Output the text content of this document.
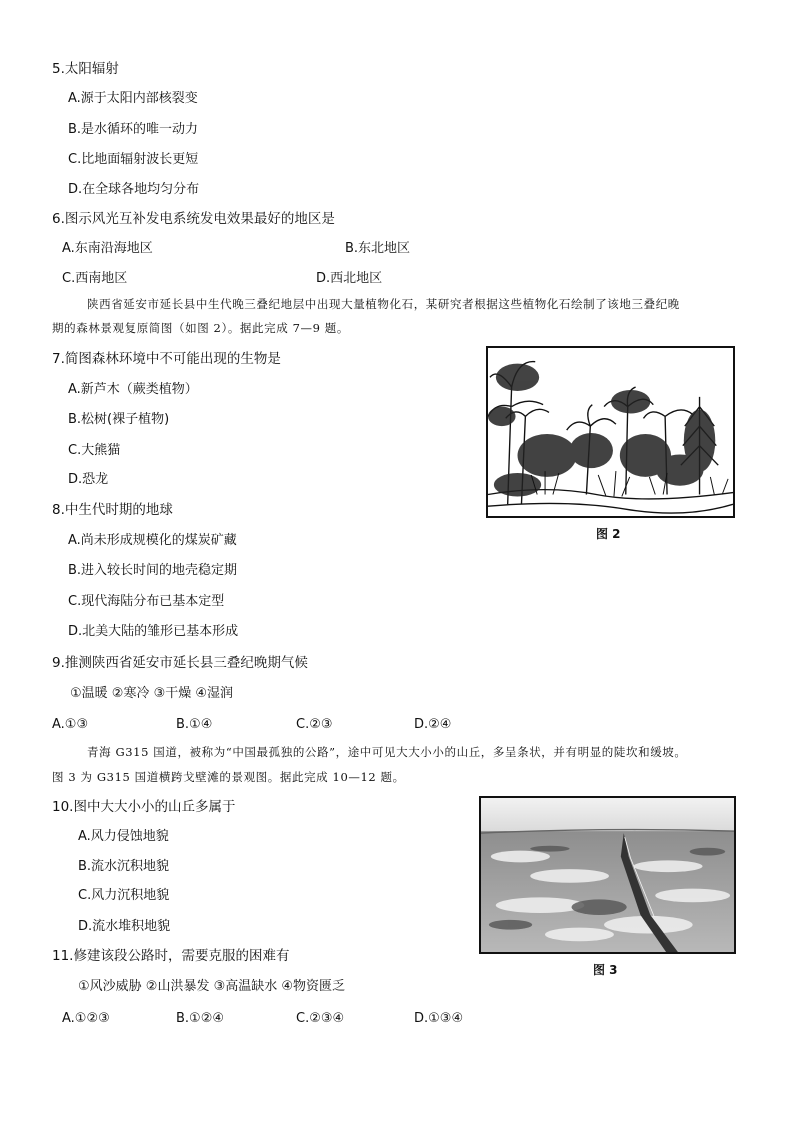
5.太阳辐射
A.源于太阳内部核裂变
B.是水循环的唯一动力
C.比地面辐射波长更短
D.在全球各地均匀分布
6.图示风光互补发电系统发电效果最好的地区是
A.东南沿海地区	B.东北地区
C.西南地区	D.西北地区
陕西省延安市延长县中生代晚三叠纪地层中出现大量植物化石，某研究者根据这些植物化石绘制了该地三叠纪晚
期的森林景观复原简图（如图 2）。据此完成 7—9 题。
7.简图森林环境中不可能出现的生物是
A.新芦木（蕨类植物）
B.松树(裸子植物)
C.大熊猫
D.恐龙
图 2
8.中生代时期的地球
A.尚未形成规模化的煤炭矿藏
B.进入较长时间的地壳稳定期
C.现代海陆分布已基本定型
D.北美大陆的雏形已基本形成
9.推测陕西省延安市延长县三叠纪晚期气候
①温暖 ②寒冷 ③干燥 ④湿润
A.①③	B.①④	C.②③	D.②④
青海 G315 国道，被称为“中国最孤独的公路”，途中可见大大小小的山丘，多呈条状，并有明显的陡坎和缓坡。
图 3 为 G315 国道横跨戈壁滩的景观图。据此完成 10—12 题。
10.图中大大小小的山丘多属于
A.风力侵蚀地貌
B.流水沉积地貌
C.风力沉积地貌
D.流水堆积地貌
图 3
11.修建该段公路时，需要克服的困难有
①风沙威胁 ②山洪暴发 ③高温缺水 ④物资匮乏
A.①②③	B.①②④	C.②③④	D.①③④
